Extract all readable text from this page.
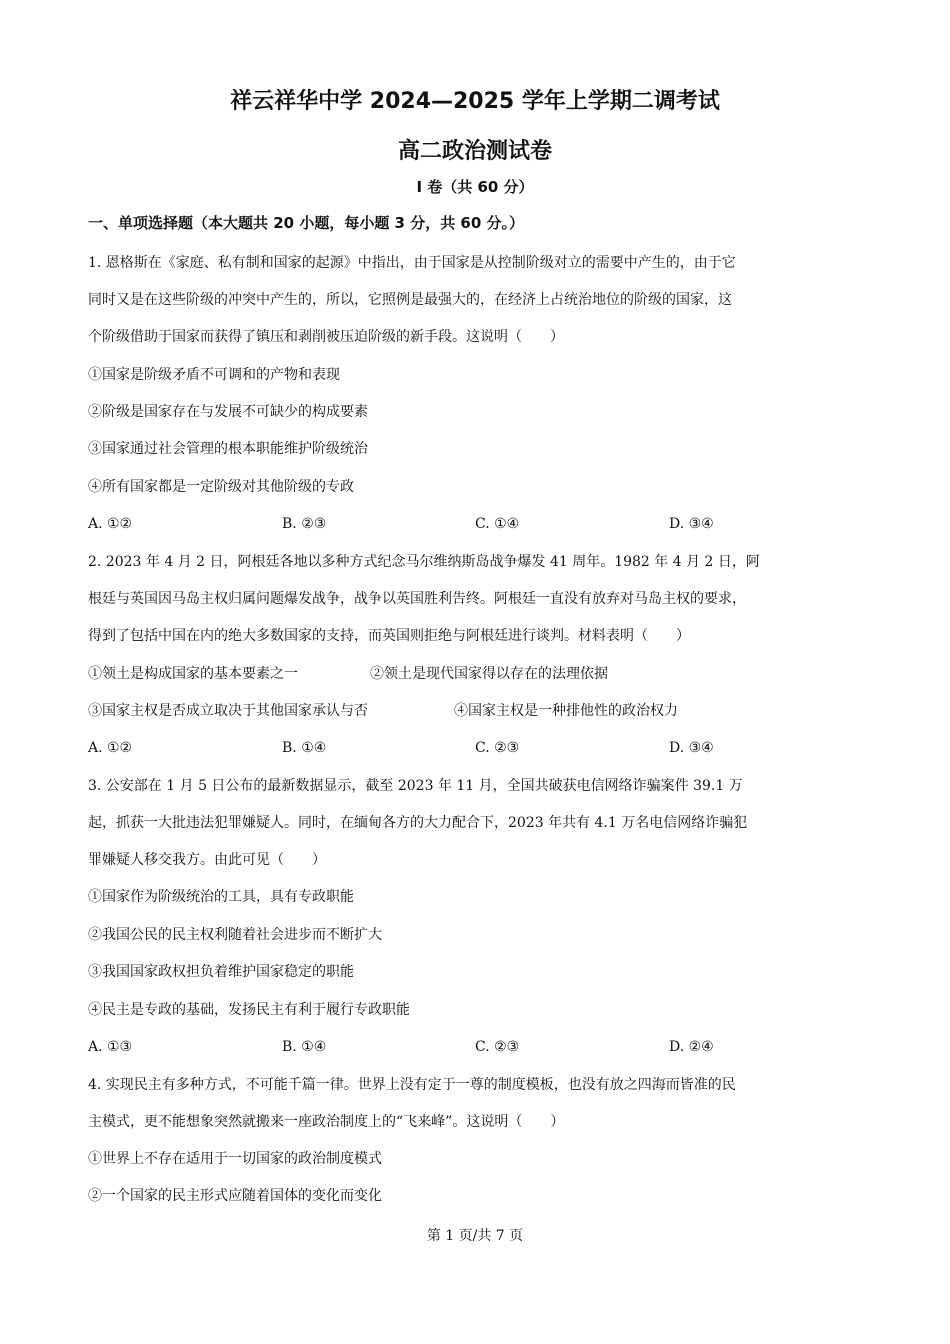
祥云祥华中学 2024—2025 学年上学期二调考试
高二政治测试卷
I 卷（共 60 分）
一、单项选择题（本大题共 20 小题，每小题 3 分，共 60 分。）
1. 恩格斯在《家庭、私有制和国家的起源》中指出，由于国家是从控制阶级对立的需要中产生的，由于它
同时又是在这些阶级的冲突中产生的，所以，它照例是最强大的，在经济上占统治地位的阶级的国家，这
个阶级借助于国家而获得了镇压和剥削被压迫阶级的新手段。这说明（　　）
①国家是阶级矛盾不可调和的产物和表现
②阶级是国家存在与发展不可缺少的构成要素
③国家通过社会管理的根本职能维护阶级统治
④所有国家都是一定阶级对其他阶级的专政
A. ①②	B. ②③	C. ①④	D. ③④
2. 2023 年 4 月 2 日，阿根廷各地以多种方式纪念马尔维纳斯岛战争爆发 41 周年。1982 年 4 月 2 日，阿
根廷与英国因马岛主权归属问题爆发战争，战争以英国胜利告终。阿根廷一直没有放弃对马岛主权的要求，
得到了包括中国在内的绝大多数国家的支持，而英国则拒绝与阿根廷进行谈判。材料表明（　　）
①领土是构成国家的基本要素之一	②领土是现代国家得以存在的法理依据
③国家主权是否成立取决于其他国家承认与否	④国家主权是一种排他性的政治权力
A. ①②	B. ①④	C. ②③	D. ③④
3. 公安部在 1 月 5 日公布的最新数据显示，截至 2023 年 11 月，全国共破获电信网络诈骗案件 39.1 万
起，抓获一大批违法犯罪嫌疑人。同时，在缅甸各方的大力配合下，2023 年共有 4.1 万名电信网络诈骗犯
罪嫌疑人移交我方。由此可见（　　）
①国家作为阶级统治的工具，具有专政职能
②我国公民的民主权利随着社会进步而不断扩大
③我国国家政权担负着维护国家稳定的职能
④民主是专政的基础，发扬民主有利于履行专政职能
A. ①③	B. ①④	C. ②③	D. ②④
4. 实现民主有多种方式，不可能千篇一律。世界上没有定于一尊的制度模板，也没有放之四海而皆准的民
主模式，更不能想象突然就搬来一座政治制度上的“飞来峰”。这说明（　　）
①世界上不存在适用于一切国家的政治制度模式
②一个国家的民主形式应随着国体的变化而变化
第 1 页/共 7 页
